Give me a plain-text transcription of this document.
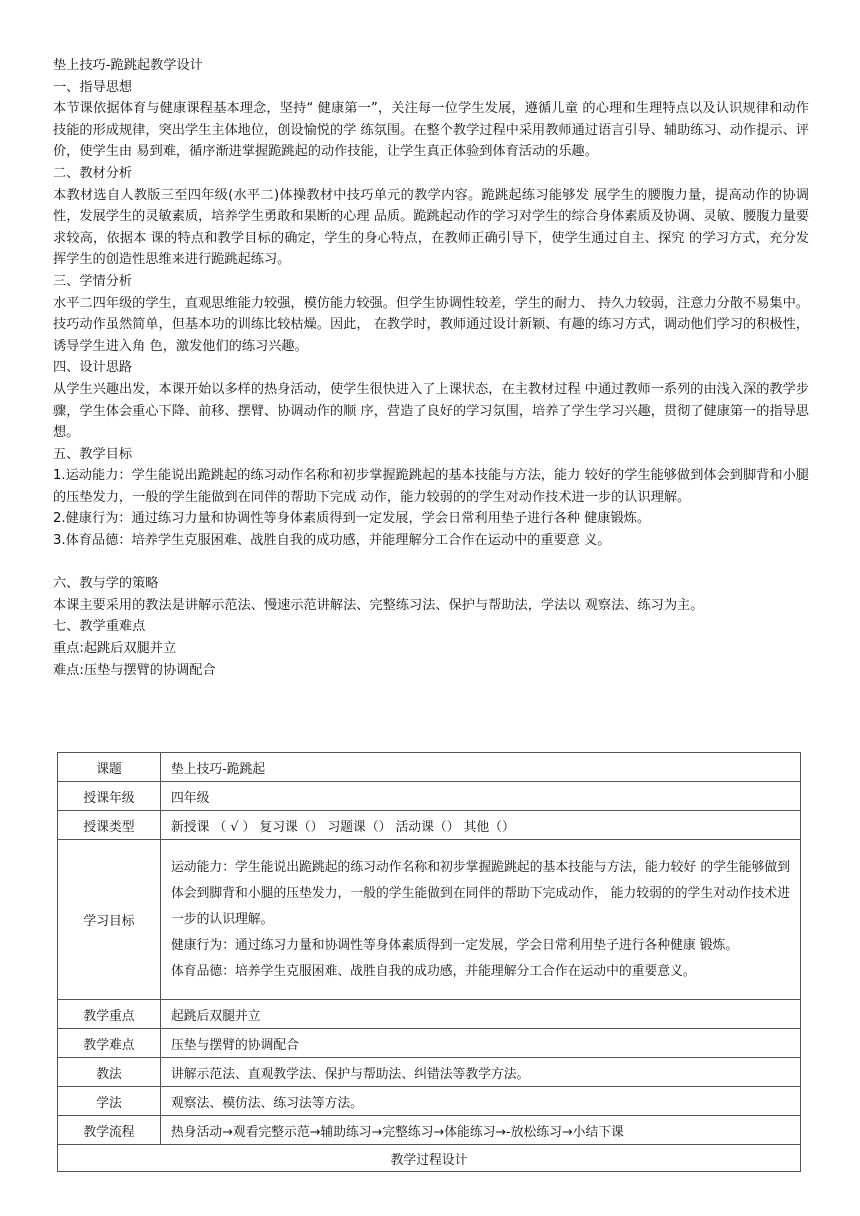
垫上技巧-跪跳起教学设计
一、指导思想
本节课依据体育与健康课程基本理念，坚持“ 健康第一”，关注每一位学生发展，遵循儿童 的心理和生理特点以及认识规律和动作技能的形成规律，突出学生主体地位，创设愉悦的学 练氛围。在整个教学过程中采用教师通过语言引导、辅助练习、动作提示、评价，使学生由 易到难，循序渐进掌握跪跳起的动作技能，让学生真正体验到体育活动的乐趣。
二、教材分析
本教材选自人教版三至四年级(水平二)体操教材中技巧单元的教学内容。跪跳起练习能够发 展学生的腰腹力量，提高动作的协调性，发展学生的灵敏素质，培养学生勇敢和果断的心理 品质。跪跳起动作的学习对学生的综合身体素质及协调、灵敏、腰腹力量要求较高，依据本 课的特点和教学目标的确定，学生的身心特点，在教师正确引导下，使学生通过自主、探究 的学习方式，充分发挥学生的创造性思维来进行跪跳起练习。
三、学情分析
水平二四年级的学生，直观思维能力较强，模仿能力较强。但学生协调性较差，学生的耐力、 持久力较弱，注意力分散不易集中。技巧动作虽然简单，但基本功的训练比较枯燥。因此， 在教学时，教师通过设计新颖、有趣的练习方式，调动他们学习的积极性，诱导学生进入角 色，激发他们的练习兴趣。
四、设计思路
从学生兴趣出发，本课开始以多样的热身活动，使学生很快进入了上课状态，在主教材过程 中通过教师一系列的由浅入深的教学步骤，学生体会重心下降、前移、摆臂、协调动作的顺 序，营造了良好的学习氛围，培养了学生学习兴趣，贯彻了健康第一的指导思想。
五、教学目标
1.运动能力：学生能说出跪跳起的练习动作名称和初步掌握跪跳起的基本技能与方法，能力 较好的学生能够做到体会到脚背和小腿的压垫发力，一般的学生能做到在同伴的帮助下完成 动作，能力较弱的的学生对动作技术进一步的认识理解。
2.健康行为：通过练习力量和协调性等身体素质得到一定发展，学会日常利用垫子进行各种 健康锻炼。
3.体育品德：培养学生克服困难、战胜自我的成功感，并能理解分工合作在运动中的重要意 义。
六、教与学的策略
本课主要采用的教法是讲解示范法、慢速示范讲解法、完整练习法、保护与帮助法，学法以 观察法、练习为主。
七、教学重难点
重点:起跳后双腿并立
难点:压垫与摆臂的协调配合
课题	垫上技巧-跪跳起
授课年级	四年级
授课类型	新授课 （ √ ） 复习课（） 习题课（） 活动课（） 其他（）
学习目标	运动能力：学生能说出跪跳起的练习动作名称和初步掌握跪跳起的基本技能与方法，能力较好 的学生能够做到体会到脚背和小腿的压垫发力，一般的学生能做到在同伴的帮助下完成动作， 能力较弱的的学生对动作技术进一步的认识理解。
健康行为：通过练习力量和协调性等身体素质得到一定发展，学会日常利用垫子进行各种健康 锻炼。
体育品德：培养学生克服困难、战胜自我的成功感，并能理解分工合作在运动中的重要意义。

教学重点	起跳后双腿并立
教学难点	压垫与摆臂的协调配合
教法	讲解示范法、直观教学法、保护与帮助法、纠错法等教学方法。
学法	观察法、模仿法、练习法等方法。
教学流程	热身活动→观看完整示范→辅助练习→完整练习→体能练习→-放松练习→小结下课
教学过程设计	
